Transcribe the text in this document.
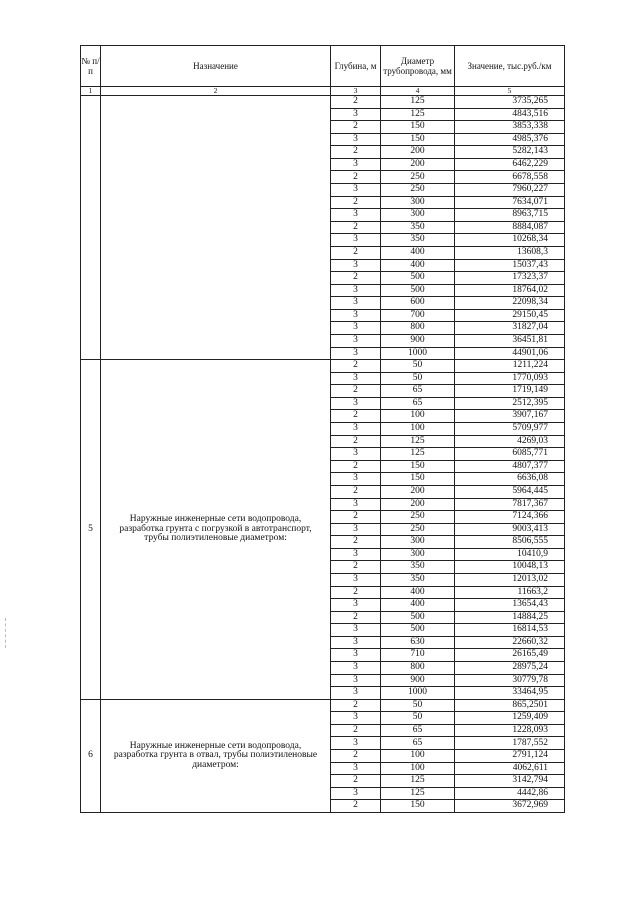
№ п/п	Назначение	Глубина, м	Диаметр трубопровода, мм	Значение, тыс.руб./км
1	2	3	4	5
		2	125	3735,265
		3	125	4843,516
		2	150	3853,338
		3	150	4985,376
		2	200	5282,143
		3	200	6462,229
		2	250	6678,558
		3	250	7960,227
		2	300	7634,071
		3	300	8963,715
		2	350	8884,087
		3	350	10268,34
		2	400	13608,3
		3	400	15037,43
		2	500	17323,37
		3	500	18764,02
		3	600	22098,34
		3	700	29150,45
		3	800	31827,04
		3	900	36451,81
		3	1000	44901,06
5	Наружные инженерные сети водопровода, разработка грунта с погрузкой в автотранспорт, трубы полиэтиленовые диаметром:	2	50	1211,224
		3	50	1770,093
		2	65	1719,149
		3	65	2512,395
		2	100	3907,167
		3	100	5709,977
		2	125	4269,03
		3	125	6085,771
		2	150	4807,377
		3	150	6636,08
		2	200	5964,445
		3	200	7817,367
		2	250	7124,366
		3	250	9003,413
		2	300	8506,555
		3	300	10410,9
		2	350	10048,13
		3	350	12013,02
		2	400	11663,2
		3	400	13654,43
		2	500	14884,25
		3	500	16814,53
		3	630	22660,32
		3	710	26165,49
		3	800	28975,24
		3	900	30779,78
		3	1000	33464,95
6	Наружные инженерные сети водопровода, разработка грунта в отвал, трубы полиэтиленовые диаметром:	2	50	865,2501
		3	50	1259,409
		2	65	1228,093
		3	65	1787,552
		2	100	2791,124
		3	100	4062,611
		2	125	3142,794
		3	125	4442,86
		2	150	3672,969
